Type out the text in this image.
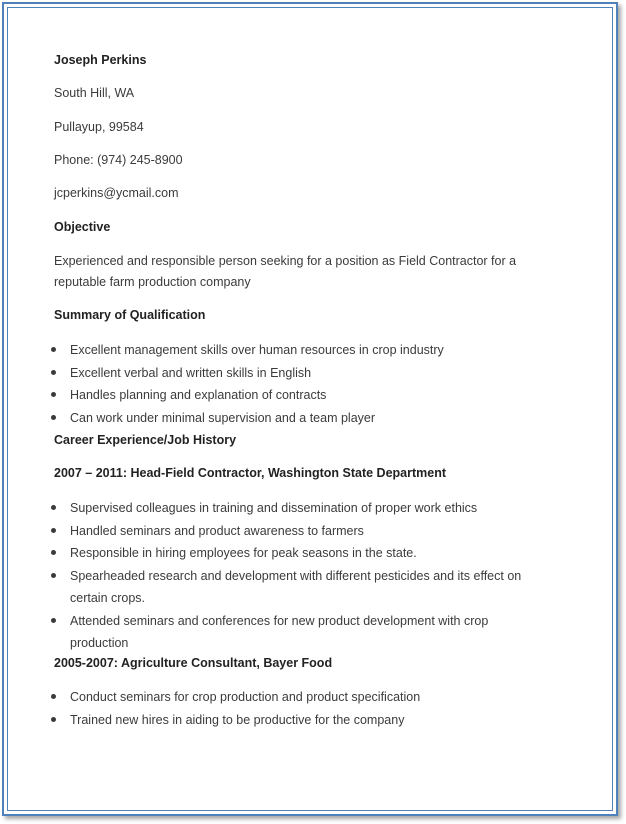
Joseph Perkins
South Hill, WA
Pullayup, 99584
Phone: (974) 245-8900
jcperkins@ycmail.com
Objective
Experienced and responsible person seeking for a position as Field Contractor for a reputable farm production company
Summary of Qualification
Excellent management skills over human resources in crop industry
Excellent verbal and written skills in English
Handles planning and explanation of contracts
Can work under minimal supervision and a team player
Career Experience/Job History
2007 – 2011: Head-Field Contractor, Washington State Department
Supervised colleagues in training and dissemination of proper work ethics
Handled seminars and product awareness to farmers
Responsible in hiring employees for peak seasons in the state.
Spearheaded research and development with different pesticides and its effect on certain crops.
Attended seminars and conferences for new product development with crop production
2005-2007: Agriculture Consultant, Bayer Food
Conduct seminars for crop production and product specification
Trained new hires in aiding to be productive for the company
